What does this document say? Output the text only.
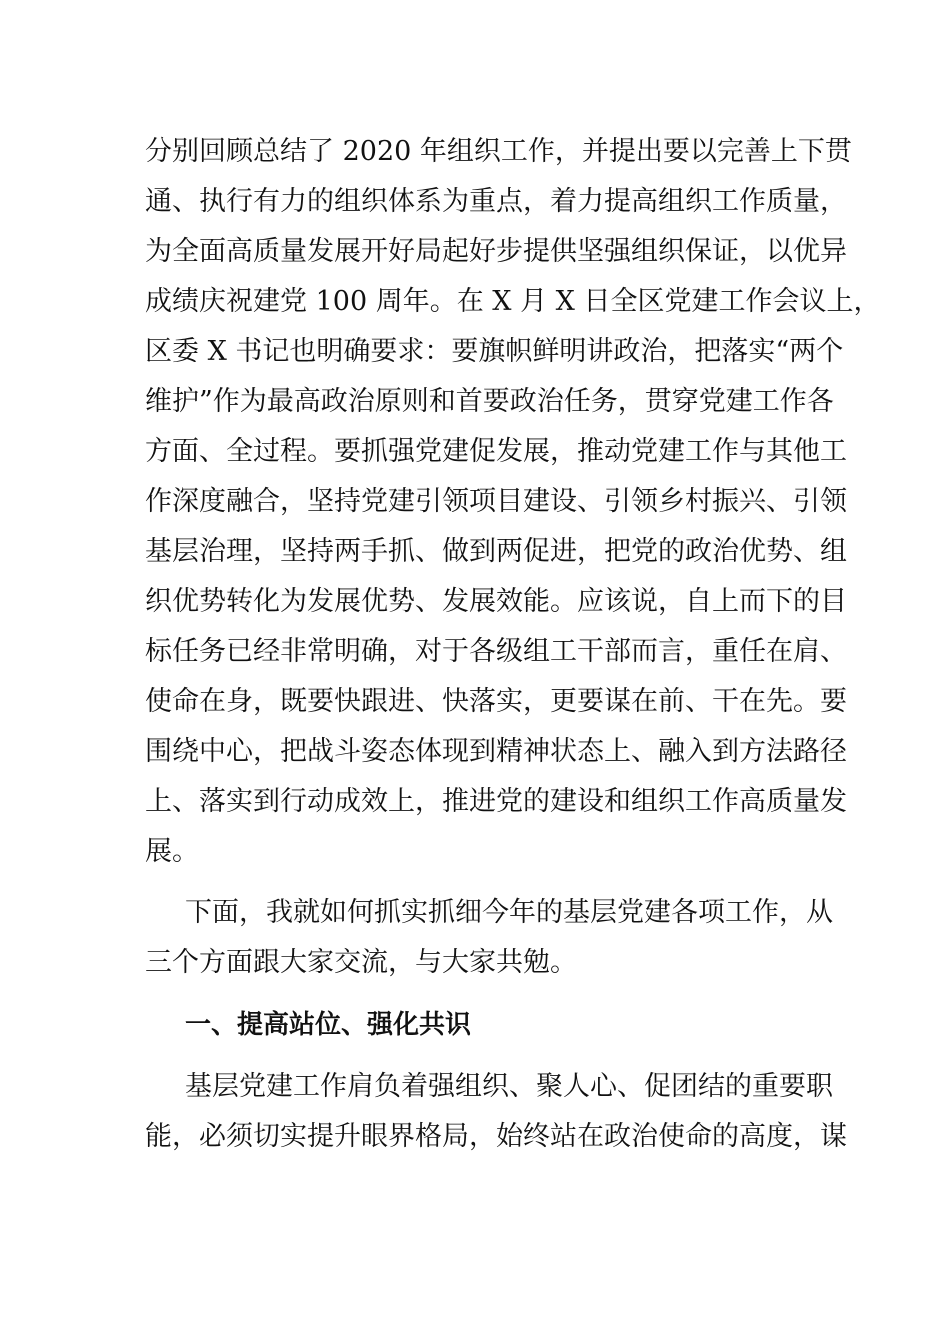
分别回顾总结了 2020 年组织工作，并提出要以完善上下贯
通、执行有力的组织体系为重点，着力提高组织工作质量，
为全面高质量发展开好局起好步提供坚强组织保证，以优异
成绩庆祝建党 100 周年。在 X 月 X 日全区党建工作会议上，
区委 X 书记也明确要求：要旗帜鲜明讲政治，把落实“两个
维护”作为最高政治原则和首要政治任务，贯穿党建工作各
方面、全过程。要抓强党建促发展，推动党建工作与其他工
作深度融合，坚持党建引领项目建设、引领乡村振兴、引领
基层治理，坚持两手抓、做到两促进，把党的政治优势、组
织优势转化为发展优势、发展效能。应该说，自上而下的目
标任务已经非常明确，对于各级组工干部而言，重任在肩、
使命在身，既要快跟进、快落实，更要谋在前、干在先。要
围绕中心，把战斗姿态体现到精神状态上、融入到方法路径
上、落实到行动成效上，推进党的建设和组织工作高质量发
展。
下面，我就如何抓实抓细今年的基层党建各项工作，从
三个方面跟大家交流，与大家共勉。
一、提高站位、强化共识
基层党建工作肩负着强组织、聚人心、促团结的重要职
能，必须切实提升眼界格局，始终站在政治使命的高度，谋
